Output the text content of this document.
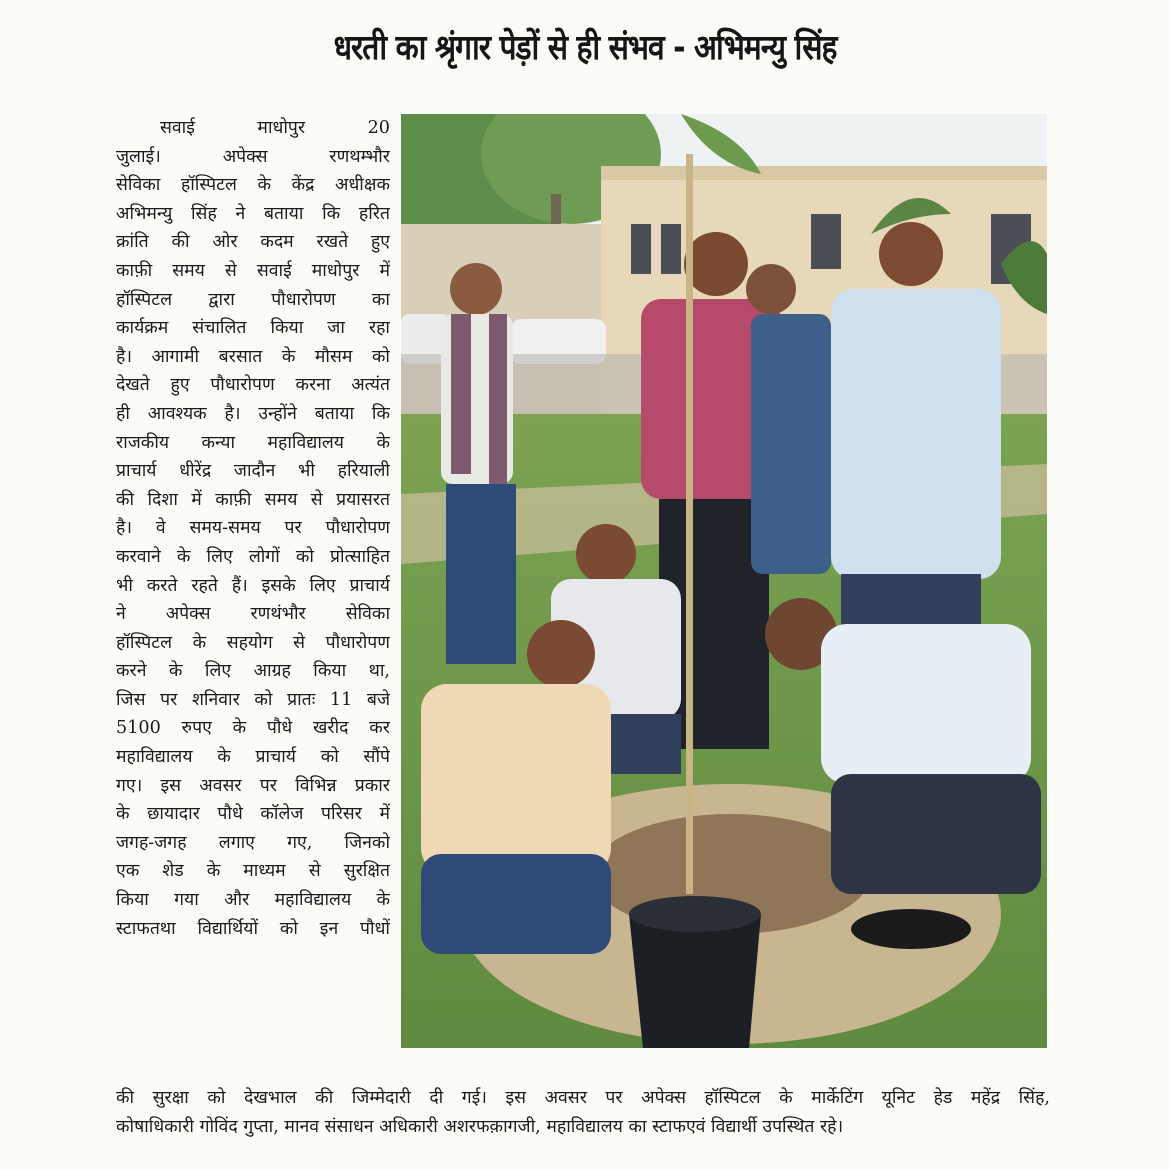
धरती का श्रृंगार पेड़ों से ही संभव - अभिमन्यु सिंह
सवाई माधोपुर 20
जुलाई। अपेक्स रणथम्भौर
सेविका हॉस्पिटल के केंद्र अधीक्षक
अभिमन्यु सिंह ने बताया कि हरित
क्रांति की ओर कदम रखते हुए
काफ़ी समय से सवाई माधोपुर में
हॉस्पिटल द्वारा पौधारोपण का
कार्यक्रम संचालित किया जा रहा
है। आगामी बरसात के मौसम को
देखते हुए पौधारोपण करना अत्यंत
ही आवश्यक है। उन्होंने बताया कि
राजकीय कन्या महाविद्यालय के
प्राचार्य धीरेंद्र जादौन भी हरियाली
की दिशा में काफ़ी समय से प्रयासरत
है। वे समय-समय पर पौधारोपण
करवाने के लिए लोगों को प्रोत्साहित
भी करते रहते हैं। इसके लिए प्राचार्य
ने अपेक्स रणथंभौर सेविका
हॉस्पिटल के सहयोग से पौधारोपण
करने के लिए आग्रह किया था,
जिस पर शनिवार को प्रातः 11 बजे
5100 रुपए के पौधे खरीद कर
महाविद्यालय के प्राचार्य को सौंपे
गए। इस अवसर पर विभिन्न प्रकार
के छायादार पौधे कॉलेज परिसर में
जगह-जगह लगाए गए, जिनको
एक शेड के माध्यम से सुरक्षित
किया गया और महाविद्यालय के
स्टाफतथा विद्यार्थियों को इन पौधों
की सुरक्षा को देखभाल की जिम्मेदारी दी गई। इस अवसर पर अपेक्स हॉस्पिटल के मार्केटिंग यूनिट हेड महेंद्र सिंह,
कोषाधिकारी गोविंद गुप्ता, मानव संसाधन अधिकारी अशरफक़ागजी, महाविद्यालय का स्टाफएवं विद्यार्थी उपस्थित रहे।
